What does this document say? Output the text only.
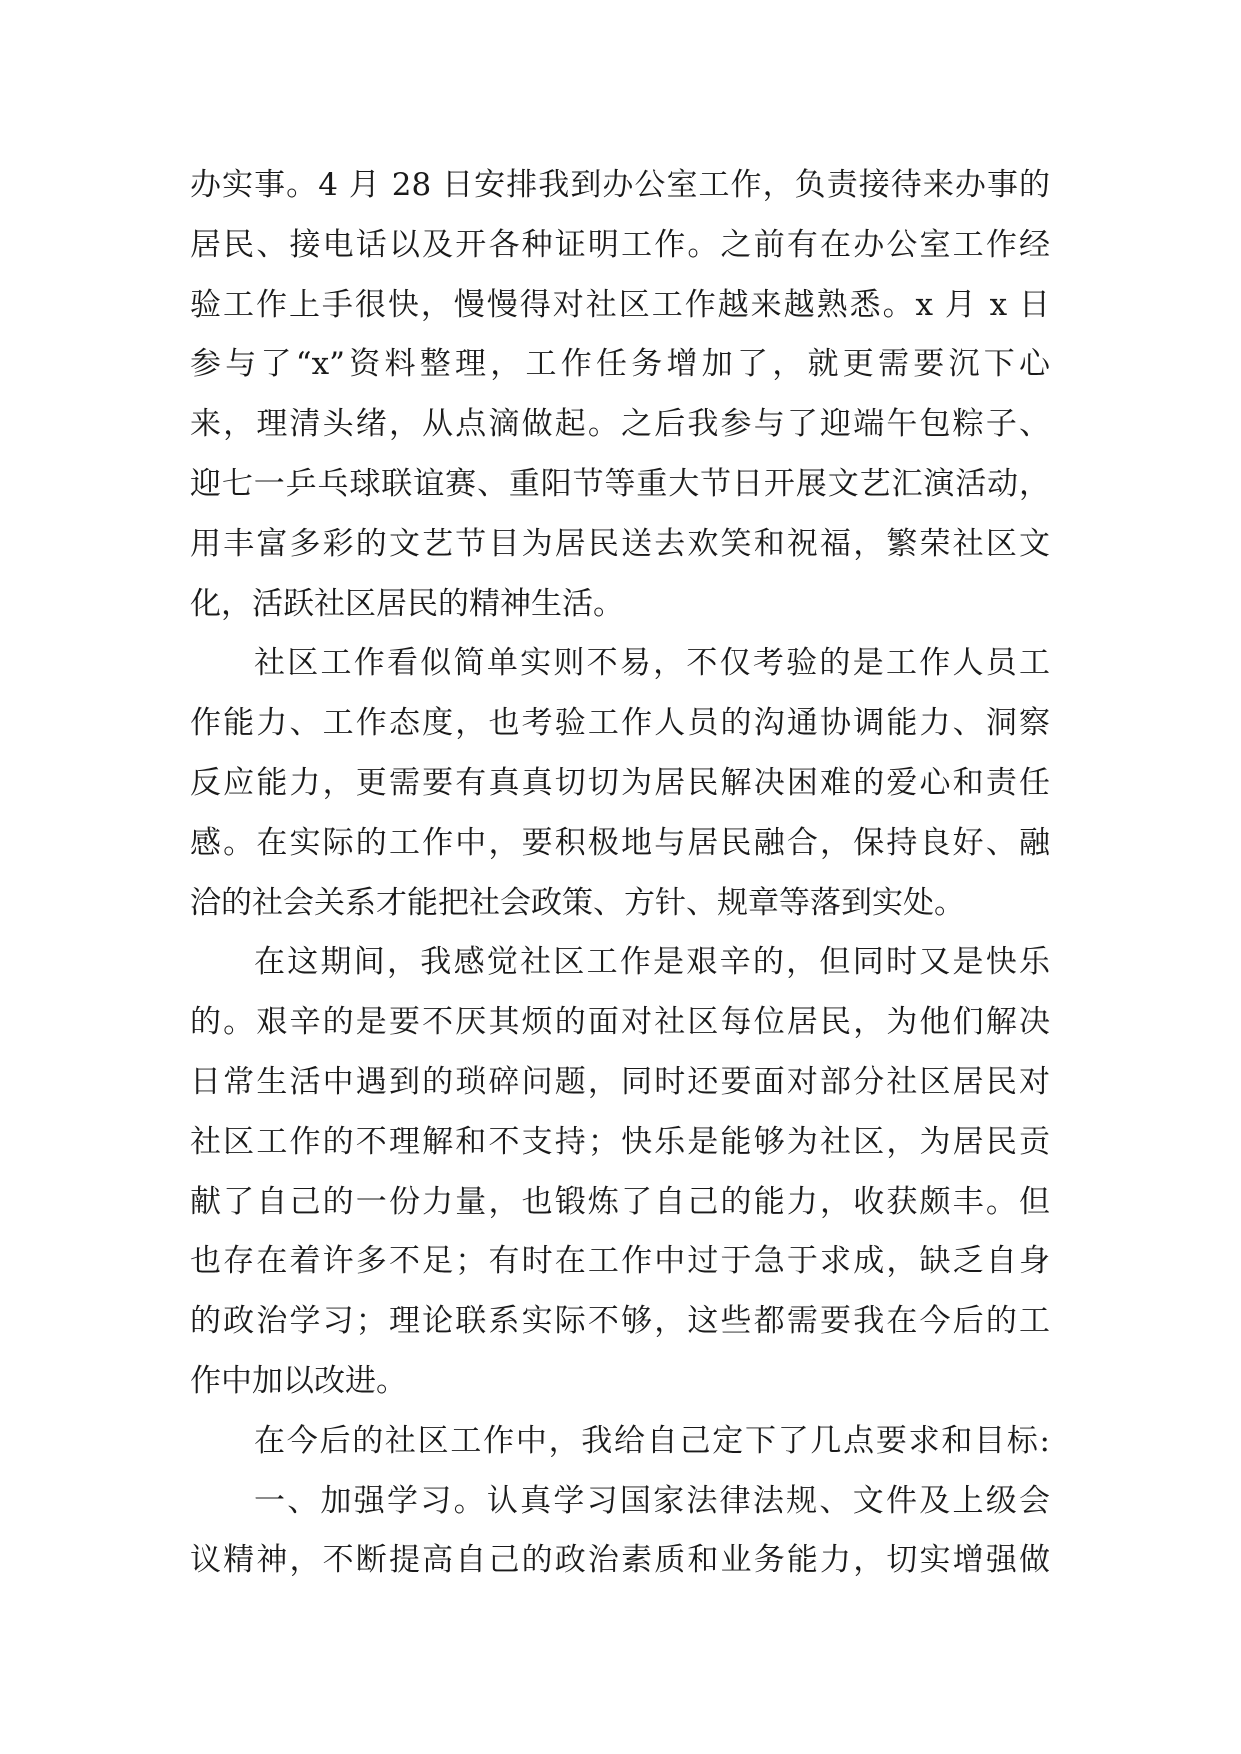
办实事。4 月 28 日安排我到办公室工作，负责接待来办事的
居民、接电话以及开各种证明工作。之前有在办公室工作经
验工作上手很快，慢慢得对社区工作越来越熟悉。x 月 x 日
参与了“x”资料整理，工作任务增加了，就更需要沉下心
来，理清头绪，从点滴做起。之后我参与了迎端午包粽子、
迎七一乒乓球联谊赛、重阳节等重大节日开展文艺汇演活动，
用丰富多彩的文艺节目为居民送去欢笑和祝福，繁荣社区文
化，活跃社区居民的精神生活。
社区工作看似简单实则不易，不仅考验的是工作人员工
作能力、工作态度，也考验工作人员的沟通协调能力、洞察
反应能力，更需要有真真切切为居民解决困难的爱心和责任
感。在实际的工作中，要积极地与居民融合，保持良好、融
洽的社会关系才能把社会政策、方针、规章等落到实处。
在这期间，我感觉社区工作是艰辛的，但同时又是快乐
的。艰辛的是要不厌其烦的面对社区每位居民，为他们解决
日常生活中遇到的琐碎问题，同时还要面对部分社区居民对
社区工作的不理解和不支持；快乐是能够为社区，为居民贡
献了自己的一份力量，也锻炼了自己的能力，收获颇丰。但
也存在着许多不足；有时在工作中过于急于求成，缺乏自身
的政治学习；理论联系实际不够，这些都需要我在今后的工
作中加以改进。
在今后的社区工作中，我给自己定下了几点要求和目标:
一、加强学习。认真学习国家法律法规、文件及上级会
议精神，不断提高自己的政治素质和业务能力，切实增强做
